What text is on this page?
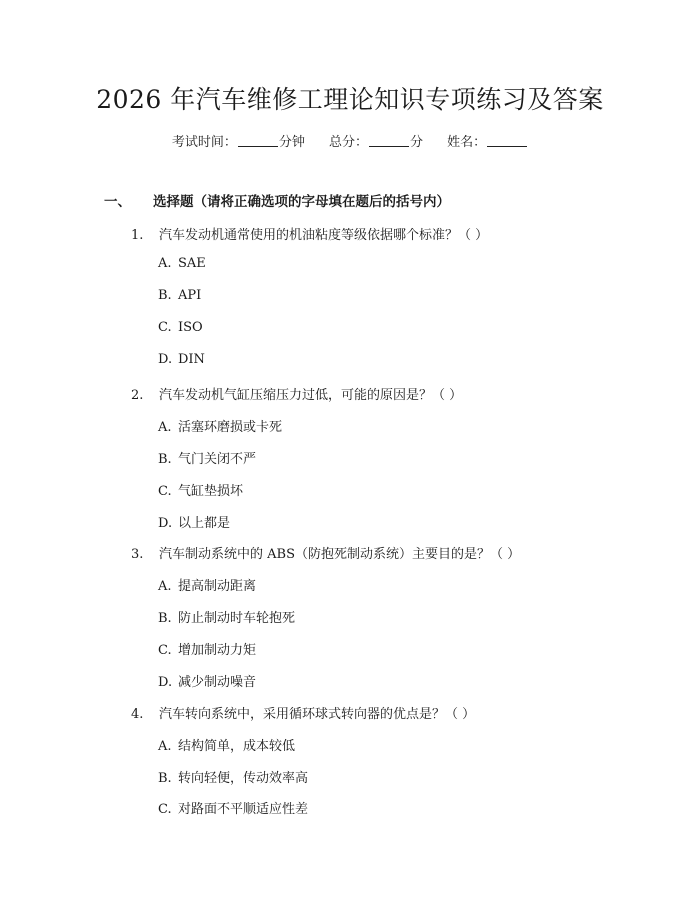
2026 年汽车维修工理论知识专项练习及答案
考试时间：	分钟 总分：	分 姓名：
一、 选择题（请将正确选项的字母填在题后的括号内）
1. 汽车发动机通常使用的机油粘度等级依据哪个标准？（ ）
A. SAE
B. API
C. ISO
D. DIN
2. 汽车发动机气缸压缩压力过低，可能的原因是？（ ）
A. 活塞环磨损或卡死
B. 气门关闭不严
C. 气缸垫损坏
D. 以上都是
3. 汽车制动系统中的 ABS（防抱死制动系统）主要目的是？（ ）
A. 提高制动距离
B. 防止制动时车轮抱死
C. 增加制动力矩
D. 减少制动噪音
4. 汽车转向系统中，采用循环球式转向器的优点是？（ ）
A. 结构简单，成本较低
B. 转向轻便，传动效率高
C. 对路面不平顺适应性差
